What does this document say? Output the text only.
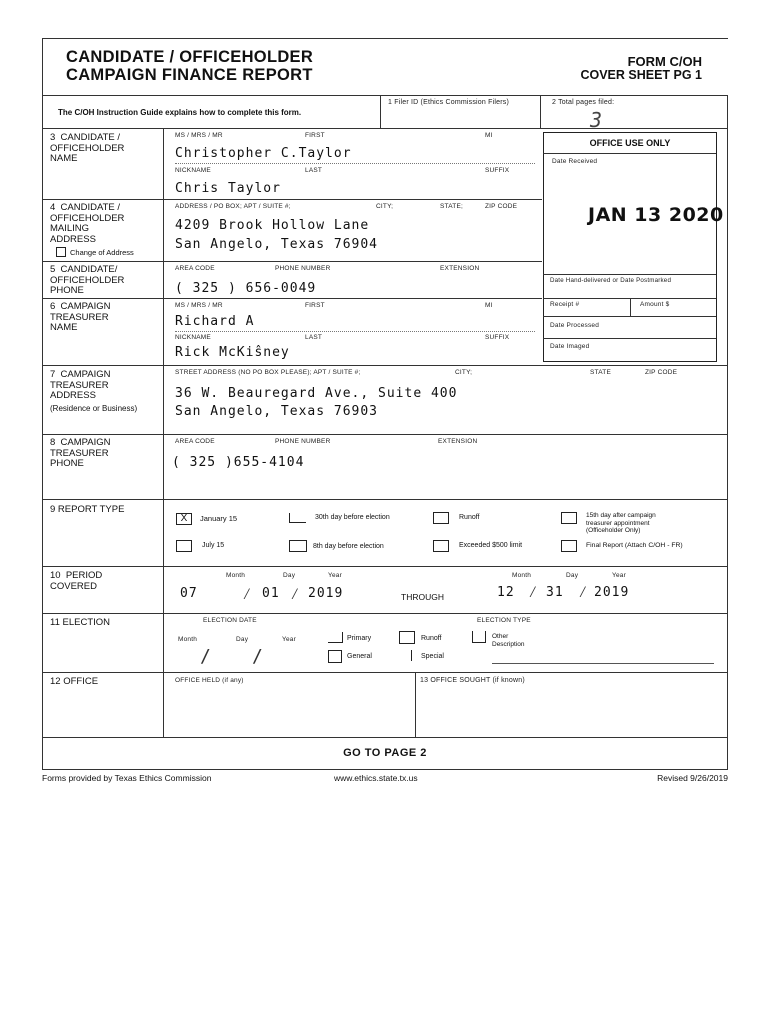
CANDIDATE / OFFICEHOLDER
CAMPAIGN FINANCE REPORT
FORM C/OH
COVER SHEET PG 1
The C/OH Instruction Guide explains how to complete this form.
1 Filer ID (Ethics Commission Filers)	2 Total pages filed:
3
OFFICE USE ONLY
Date Received
JAN 13 2020
Date Hand-delivered or Date Postmarked
Receipt #	Amount $
Date Processed
Date Imaged
3  CANDIDATE /
OFFICEHOLDER
NAME
MS / MRS / MR	FIRST	MI
Christopher C.Taylor
NICKNAME	LAST	SUFFIX
Chris Taylor
4  CANDIDATE /
OFFICEHOLDER
MAILING
ADDRESS
Change of Address
ADDRESS / PO BOX; APT / SUITE #;	CITY;	STATE;	ZIP CODE
4209 Brook Hollow Lane
San Angelo, Texas 76904
5  CANDIDATE/
OFFICEHOLDER
PHONE
AREA CODE	PHONE NUMBER	EXTENSION
( 325 ) 656-0049
6  CAMPAIGN
TREASURER
NAME
MS / MRS / MR	FIRST	MI
Richard A
NICKNAME	LAST	SUFFIX
Rick McKiŝney
7  CAMPAIGN
TREASURER
ADDRESS
(Residence or Business)
STREET ADDRESS (NO PO BOX PLEASE); APT / SUITE #;	CITY;	STATE	ZIP CODE
36 W. Beauregard Ave., Suite 400
San Angelo, Texas 76903
8  CAMPAIGN
TREASURER
PHONE
AREA CODE	PHONE NUMBER	EXTENSION
( 325 )655-4104
9 REPORT TYPE
X	January 15	30th day before election	Runoff	15th day after campaign
treasurer appointment
(Officeholder Only)
July 15	8th day before election	Exceeded $500 limit	Final Report (Attach C/OH - FR)
10  PERIOD
COVERED
Month	Day	Year
07	⁄ 01 ⁄ 2019	THROUGH
Month	Day	Year
12 ⁄ 31 ⁄ 2019
11 ELECTION	ELECTION DATE	ELECTION TYPE
Month	Day	Year
/ /
Primary	Runoff	Other
Description
General	Special
12 OFFICE	OFFICE HELD (if any)	13 OFFICE SOUGHT (if known)
GO TO PAGE 2
Forms provided by Texas Ethics Commission	www.ethics.state.tx.us	Revised 9/26/2019
